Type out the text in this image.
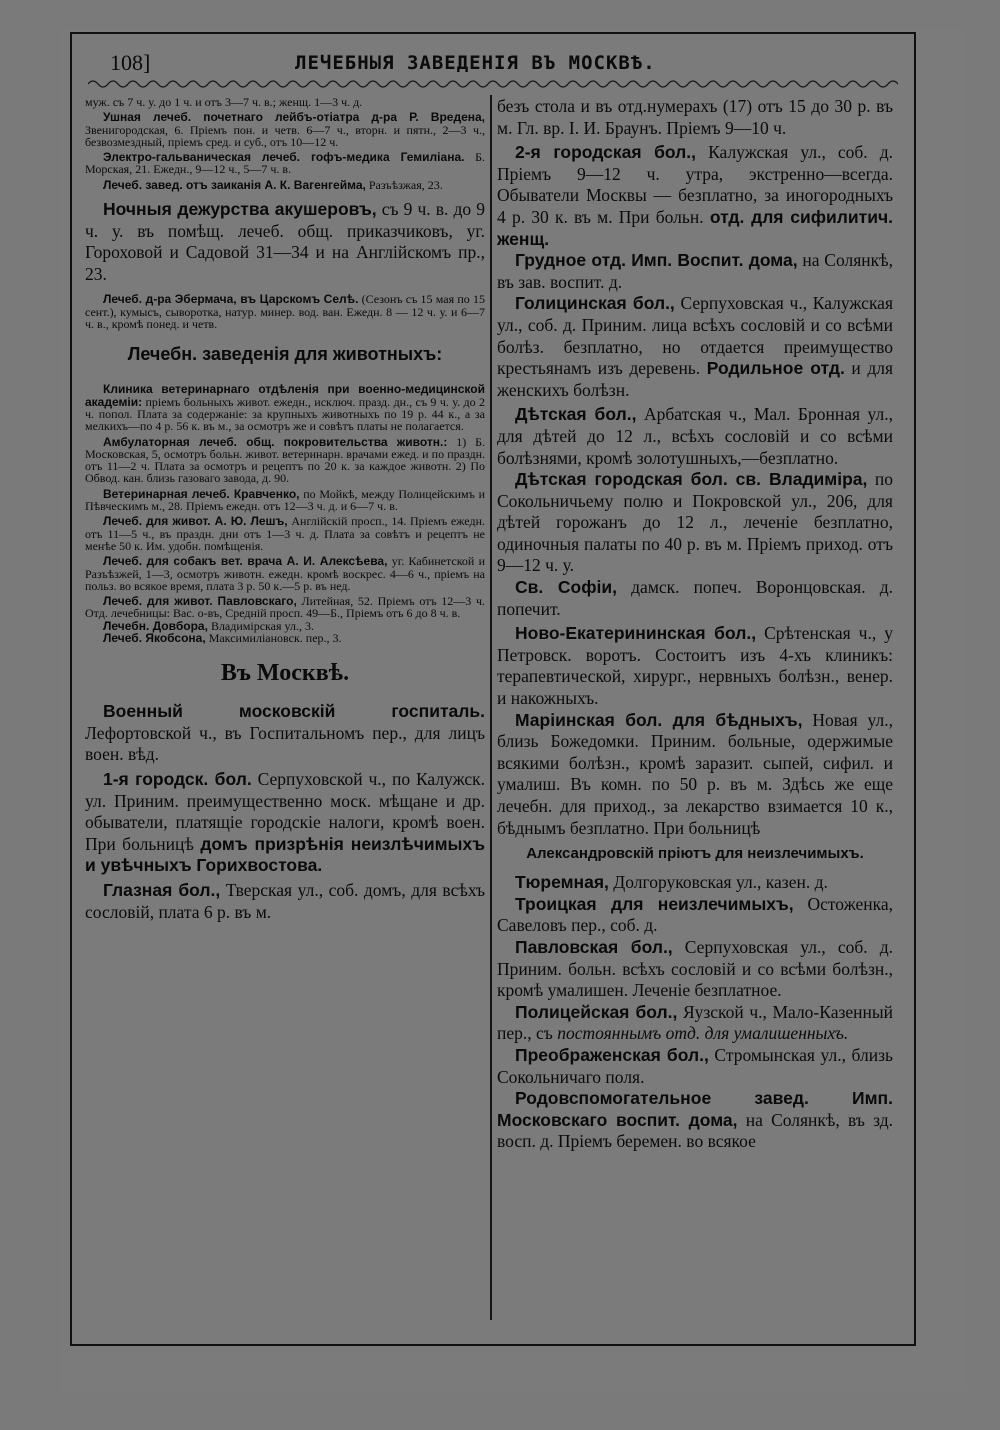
108]	ЛЕЧЕБНЫЯ ЗАВЕДЕНІЯ ВЪ МОСКВѢ.

муж. съ 7 ч. у. до 1 ч. и отъ 3—7 ч. в.; женщ. 1—3 ч. д.

Ушная лечеб. почетнаго лейбъ-отіатра д-ра Р. Вредена, Звенигородская, 6. Пріемъ пон. и четв. 6—7 ч., вторн. и пятн., 2—3 ч., безвозмездный, пріемъ сред. и суб., отъ 10—12 ч.

Электро-гальваническая лечеб. гофъ-медика Гемиліана. Б. Морская, 21. Ежедн., 9—12 ч., 5—7 ч. в.

Лечеб. завед. отъ заиканія А. К. Вагенгейма, Разъѣзжая, 23.

Ночныя дежурства акушеровъ, съ 9 ч. в. до 9 ч. у. въ помѣщ. лечеб. общ. приказчиковъ, уг. Гороховой и Садовой 31—34 и на Англійскомъ пр., 23.

Лечеб. д-ра Эбермача, въ Царскомъ Селѣ. (Сезонъ съ 15 мая по 15 сент.), кумысъ, сыворотка, натур. минер. вод. ван. Ежедн. 8 — 12 ч. у. и 6—7 ч. в., кромѣ понед. и четв.

Лечебн. заведенія для животныхъ:

Клиника ветеринарнаго отдѣленія при военно-медицинской академіи: пріемъ больныхъ живот. ежедн., исключ. празд. дн., съ 9 ч. у. до 2 ч. попол. Плата за содержаніе: за крупныхъ животныхъ по 19 р. 44 к., а за мелкихъ—по 4 р. 56 к. въ м., за осмотръ же и совѣтъ платы не полагается.

Амбулаторная лечеб. общ. покровительства животн.: 1) Б. Московская, 5, осмотръ больн. живот. ветеринарн. врачами ежед. и по праздн. отъ 11—2 ч. Плата за осмотръ и рецептъ по 20 к. за каждое животн. 2) По Обвод. кан. близь газоваго завода, д. 90.

Ветеринарная лечеб. Кравченко, по Мойкѣ, между Полицейскимъ и Пѣвческимъ м., 28. Пріемъ ежедн. отъ 12—3 ч. д. и 6—7 ч. в.

Лечеб. для живот. А. Ю. Лешъ, Англійскій просп., 14. Пріемъ ежедн. отъ 11—5 ч., въ праздн. дни отъ 1—3 ч. д. Плата за совѣтъ и рецептъ не менѣе 50 к. Им. удобн. помѣщенія.

Лечеб. для собакъ вет. врача А. И. Алексѣева, уг. Кабинетской и Разъѣзжей, 1—3, осмотръ животн. ежедн. кромѣ воскрес. 4—6 ч., пріемъ на польз. во всякое время, плата 3 р. 50 к.—5 р. въ нед.

Лечеб. для живот. Павловскаго, Литейная, 52. Пріемъ отъ 12—3 ч. Отд. лечебницы: Вас. о-въ, Средній просп. 49—Б., Пріемъ отъ 6 до 8 ч. в.

Лечебн. Довбора, Владимірская ул., 3.

Лечеб. Якобсона, Максимиліановск. пер., 3.

Въ Москвѣ.

Военный московскій госпиталь. Лефортовской ч., въ Госпитальномъ пер., для лицъ воен. вѣд.

1-я городск. бол. Серпуховской ч., по Калужск. ул. Приним. преимущественно моск. мѣщане и др. обыватели, платящіе городскіе налоги, кромѣ воен. При больницѣ домъ призрѣнія неизлѣчимыхъ и увѣчныхъ Горихвостова.

Глазная бол., Тверская ул., соб. домъ, для всѣхъ сословій, плата 6 р. въ м.

безъ стола и въ отд.нумерахъ (17) отъ 15 до 30 р. въ м. Гл. вр. I. И. Браунъ. Пріемъ 9—10 ч.

2-я городская бол., Калужская ул., соб. д. Пріемъ 9—12 ч. утра, экстренно—всегда. Обыватели Москвы — безплатно, за иногородныхъ 4 р. 30 к. въ м. При больн. отд. для сифилитич. женщ.

Грудное отд. Имп. Воспит. дома, на Солянкѣ, въ зав. воспит. д.

Голицинская бол., Серпуховская ч., Калужская ул., соб. д. Приним. лица всѣхъ сословій и со всѣми болѣз. безплатно, но отдается преимущество крестьянамъ изъ деревень. Родильное отд. и для женскихъ болѣзн.

Дѣтская бол., Арбатская ч., Мал. Бронная ул., для дѣтей до 12 л., всѣхъ сословій и со всѣми болѣзнями, кромѣ золотушныхъ,—безплатно.

Дѣтская городская бол. св. Владиміра, по Сокольничьему полю и Покровской ул., 206, для дѣтей горожанъ до 12 л., леченіе безплатно, одиночныя палаты по 40 р. въ м. Пріемъ приход. отъ 9—12 ч. у.

Св. Софіи, дамск. попеч. Воронцовская. д. попечит.

Ново-Екатерининская бол., Срѣтенская ч., у Петровск. воротъ. Состоитъ изъ 4-хъ клиникъ: терапевтической, хирург., нервныхъ болѣзн., венер. и накожныхъ.

Маріинская бол. для бѣдныхъ, Новая ул., близь Божедомки. Приним. больные, одержимые всякими болѣзн., кромѣ заразит. сыпей, сифил. и умалиш. Въ комн. по 50 р. въ м. Здѣсь же еще лечебн. для приход., за лекарство взимается 10 к., бѣднымъ безплатно. При больницѣ

Александровскій пріютъ для неизлечимыхъ.

Тюремная, Долгоруковская ул., казен. д.

Троицкая для неизлечимыхъ, Остоженка, Савеловъ пер., соб. д.

Павловская бол., Серпуховская ул., соб. д. Приним. больн. всѣхъ сословій и со всѣми болѣзн., кромѣ умалишен. Леченіе безплатное.

Полицейская бол., Яузской ч., Мало-Казенный пер., съ постояннымъ отд. для умалишенныхъ.

Преображенская бол., Стромынская ул., близь Сокольничаго поля.

Родовспомогательное завед. Имп. Московскаго воспит. дома, на Солянкѣ, въ зд. восп. д. Пріемъ беремен. во всякое
